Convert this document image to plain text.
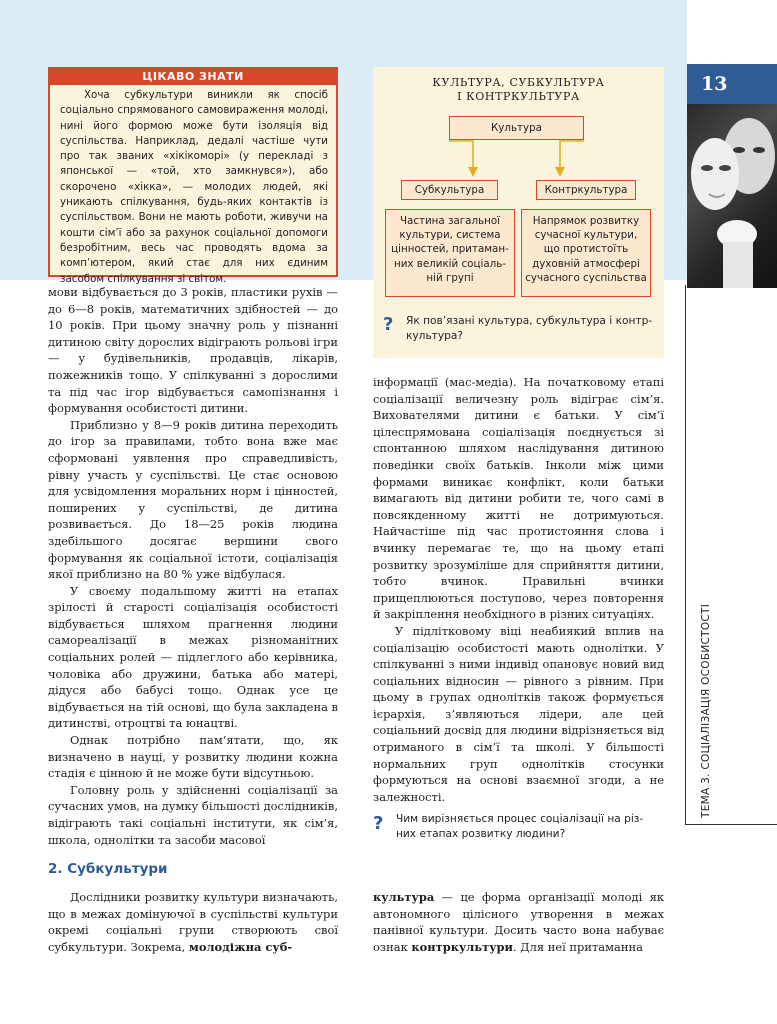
13
ТЕМА 3. СОЦІАЛІЗАЦІЯ ОСОБИСТОСТІ
ЦІКАВО ЗНАТИ
Хоча субкультури виникли як спосіб соціально спрямованого самовираження молоді, нині його формою може бути ізоляція від суспільства. Наприклад, дедалі частіше чути про так званих «хікікоморі» (у перекладі з японської — «той, хто замкнувся»), або скорочено «хікка», — молодих людей, які уникають спілкування, будь-яких контактів із суспільством. Вони не мають роботи, живучи на кошти сім’ї або за рахунок соціальної допомоги безробітним, весь час проводять вдома за комп’ютером, який стає для них єдиним засобом спілкування зі світом.
КУЛЬТУРА, СУБКУЛЬТУРА
І КОНТРКУЛЬТУРА
Культура
Субкультура	Контркультура
Частина загальної
культури, система
цінностей, притаман-
них великій соціаль-
ній групі
Напрямок розвитку
сучасної культури,
що протистоїть
духовній атмосфері
сучасного суспільства
? Як пов’язані культура, субкультура і контр-
культура?

мови відбувається до 3 років, пластики рухів — до 6—8 років, математичних здібностей — до 10 років. При цьому значну роль у пізнанні дитиною світу дорослих відіграють рольові ігри — у будівельників, продавців, лікарів, пожежників тощо. У спілкуванні з дорослими та під час ігор відбувається самопізнання і формування особистості дитини.

Приблизно у 8—9 років дитина переходить до ігор за правилами, тобто вона вже має сформовані уявлення про справедливість, рівну участь у суспільстві. Це стає основою для усвідомлення моральних норм і цінностей, поширених у суспільстві, де дитина розвивається. До 18—25 років людина здебільшого досягає вершини свого формування як соціальної істоти, соціалізація якої приблизно на 80 % уже відбулася.

У своєму подальшому житті на етапах зрілості й старості соціалізація особистості відбувається шляхом прагнення людини самореалізації в межах різноманітних соціальних ролей — підлеглого або керівника, чоловіка або дружини, батька або матері, дідуся або бабусі тощо. Однак усе це відбувається на тій основі, що була закладена в дитинстві, отроцтві та юнацтві.

Однак потрібно пам’ятати, що, як визначено в науці, у розвитку людини кожна стадія є цінною й не може бути відсутньою.

Головну роль у здійсненні соціалізації за сучасних умов, на думку більшості дослідників, відіграють такі соціальні інститути, як сім’я, школа, однолітки та засоби масової

інформації (мас-медіа). На початковому етапі соціалізації величезну роль відіграє сім’я. Вихователями дитини є батьки. У сім’ї цілеспрямована соціалізація поєднується зі спонтанною шляхом наслідування дитиною поведінки своїх батьків. Інколи між цими формами виникає конфлікт, коли батьки вимагають від дитини робити те, чого самі в повсякденному житті не дотримуються. Найчастіше під час протистояння слова і вчинку перемагає те, що на цьому етапі розвитку зрозуміліше для сприйняття дитини, тобто вчинок. Правильні вчинки прищеплюються поступово, через повторення й закріплення необхідного в різних ситуаціях.

У підлітковому віці неабиякий вплив на соціалізацію особистості мають однолітки. У спілкуванні з ними індивід опановує новий вид соціальних відносин — рівного з рівним. При цьому в групах однолітків також формується ієрархія, з’являються лідери, але цей соціальний досвід для людини відрізняється від отриманого в сім’ї та школі. У більшості нормальних груп однолітків стосунки формуються на основі взаємної згоди, а не залежності.

? Чим вирізняється процес соціалізації на різ-
них етапах розвитку людини?
2. Субкультури

Дослідники розвитку культури визначають, що в межах домінуючої в суспільстві культури окремі соціальні групи створюють свої субкультури. Зокрема, молодіжна суб-

культура — це форма організації молоді як автономного цілісного утворення в межах панівної культури. Досить часто вона набуває ознак контркультури. Для неї притаманна
